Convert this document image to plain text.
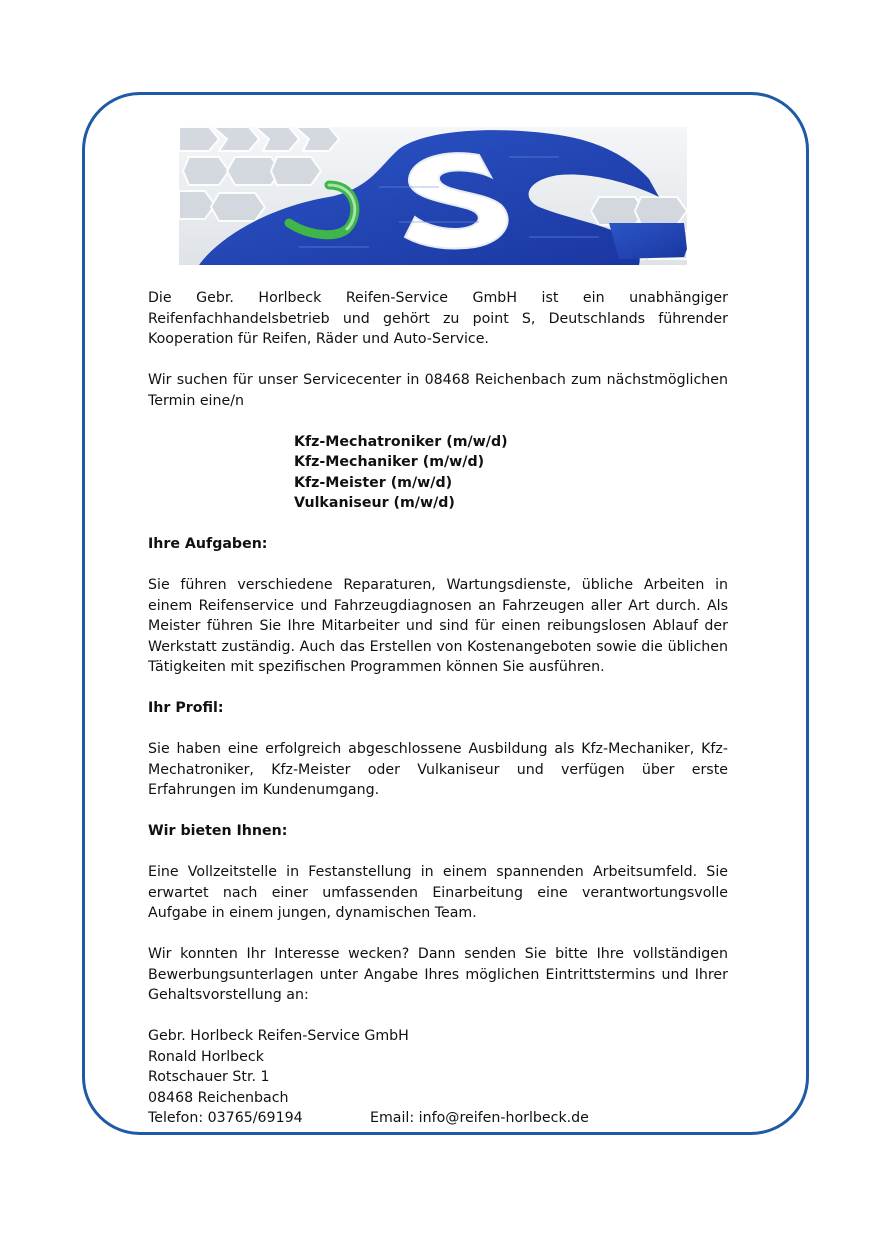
Die Gebr. Horlbeck Reifen-Service GmbH ist ein unabhängiger Reifenfachhandelsbetrieb und gehört zu point S, Deutschlands führender Kooperation für Reifen, Räder und Auto-Service.

Wir suchen für unser Servicecenter in 08468 Reichenbach zum nächstmöglichen Termin eine/n

Kfz-Mechatroniker (m/w/d)
Kfz-Mechaniker (m/w/d)
Kfz-Meister (m/w/d)
Vulkaniseur (m/w/d)
Ihre Aufgaben:

Sie führen verschiedene Reparaturen, Wartungsdienste, übliche Arbeiten in einem Reifenservice und Fahrzeugdiagnosen an Fahrzeugen aller Art durch. Als Meister führen Sie Ihre Mitarbeiter und sind für einen reibungslosen Ablauf der Werkstatt zuständig. Auch das Erstellen von Kostenangeboten sowie die üblichen Tätigkeiten mit spezifischen Programmen können Sie ausführen.

Ihr Profil:

Sie haben eine erfolgreich abgeschlossene Ausbildung als Kfz-Mechaniker, Kfz-Mechatroniker, Kfz-Meister oder Vulkaniseur und verfügen über erste Erfahrungen im Kundenumgang.

Wir bieten Ihnen:

Eine Vollzeitstelle in Festanstellung in einem spannenden Arbeitsumfeld. Sie erwartet nach einer umfassenden Einarbeitung eine verantwortungsvolle Aufgabe in einem jungen, dynamischen Team.

Wir konnten Ihr Interesse wecken? Dann senden Sie bitte Ihre vollständigen Bewerbungsunterlagen unter Angabe Ihres möglichen Eintrittstermins und Ihrer Gehaltsvorstellung an:

Gebr. Horlbeck Reifen-Service GmbH
Ronald Horlbeck
Rotschauer Str. 1
08468 Reichenbach
Telefon: 03765/69194	Email: info@reifen-horlbeck.de
